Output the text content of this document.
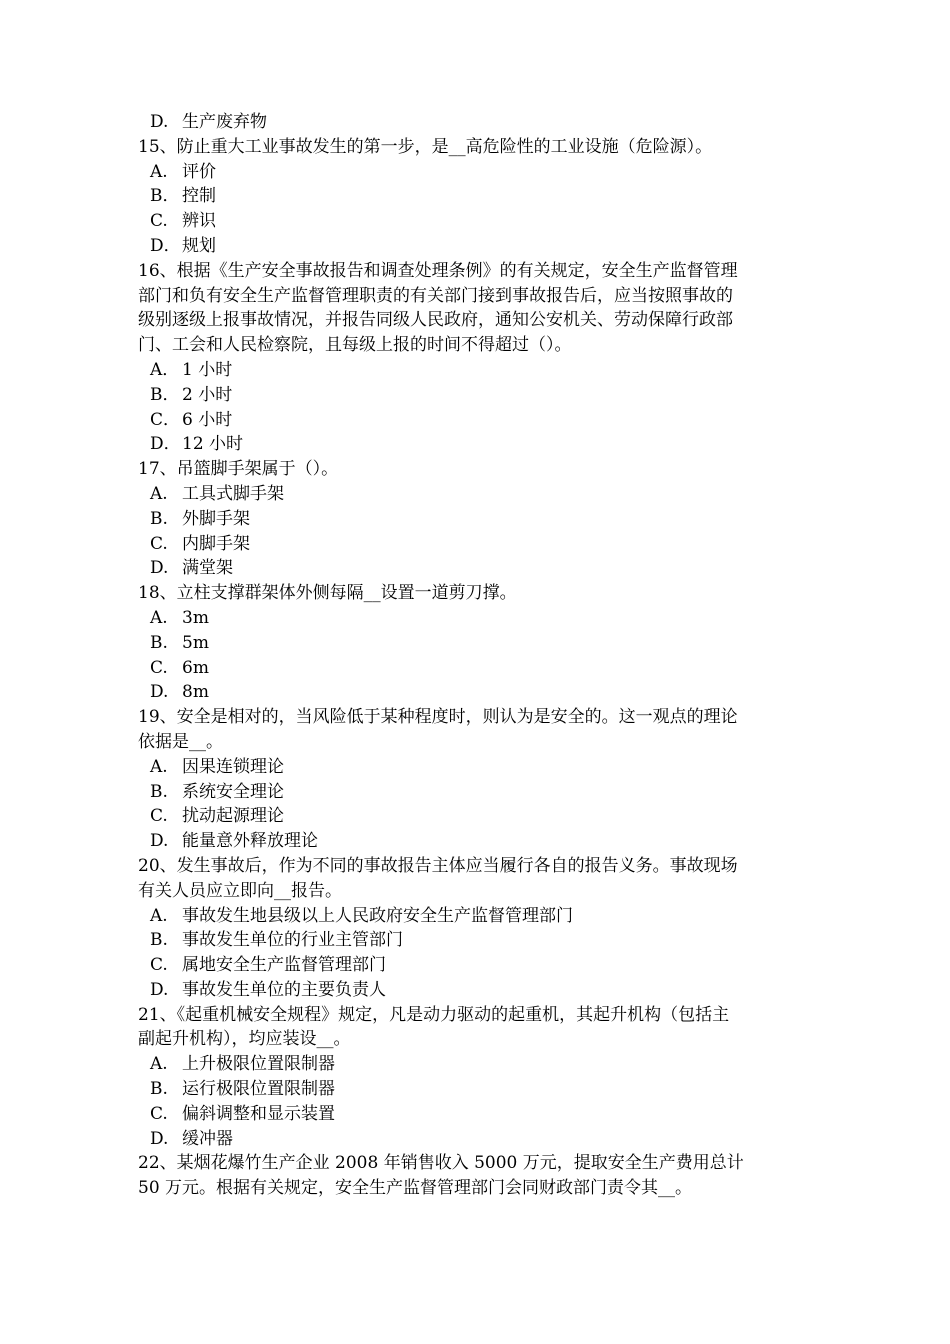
D. 生产废弃物
15、防止重大工业事故发生的第一步，是__高危险性的工业设施（危险源）。
A. 评价
B． 控制
C. 辨识
D．规划
16、根据《生产安全事故报告和调查处理条例》的有关规定，安全生产监督管理
部门和负有安全生产监督管理职责的有关部门接到事故报告后，应当按照事故的
级别逐级上报事故情况，并报告同级人民政府，通知公安机关、劳动保障行政部
门、工会和人民检察院，且每级上报的时间不得超过（）。
A． 1 小时
B． 2 小时
C． 6 小时
D．12 小时
17、吊篮脚手架属于（）。
A. 工具式脚手架
B. 外脚手架
C. 内脚手架
D. 满堂架
18、立柱支撑群架体外侧每隔__设置一道剪刀撑。
A. 3m
B. 5m
C. 6m
D. 8m
19、安全是相对的，当风险低于某种程度时，则认为是安全的。这一观点的理论
依据是__。
A. 因果连锁理论
B. 系统安全理论
C. 扰动起源理论
D. 能量意外释放理论
20、发生事故后，作为不同的事故报告主体应当履行各自的报告义务。事故现场
有关人员应立即向__报告。
A. 事故发生地县级以上人民政府安全生产监督管理部门
B. 事故发生单位的行业主管部门
C. 属地安全生产监督管理部门
D. 事故发生单位的主要负责人
21、《起重机械安全规程》规定，凡是动力驱动的起重机，其起升机构（包括主
副起升机构），均应装设__。
A. 上升极限位置限制器
B. 运行极限位置限制器
C. 偏斜调整和显示装置
D. 缓冲器
22、某烟花爆竹生产企业 2008 年销售收入 5000 万元，提取安全生产费用总计
50 万元。根据有关规定，安全生产监督管理部门会同财政部门责令其__。
